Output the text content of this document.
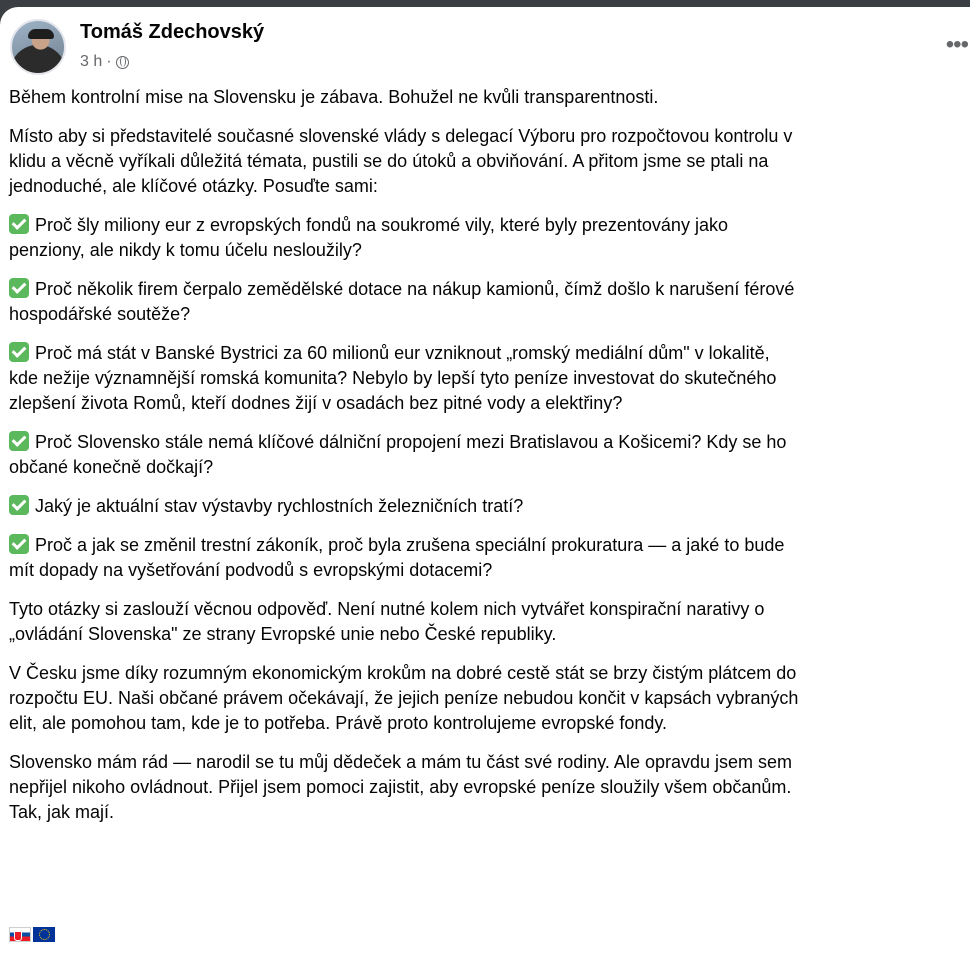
Tomáš Zdechovský
3 h ·
•••

Během kontrolní mise na Slovensku je zábava. Bohužel ne kvůli transparentnosti.

Místo aby si představitelé současné slovenské vlády s delegací Výboru pro rozpočtovou kontrolu v
klidu a věcně vyříkali důležitá témata, pustili se do útoků a obviňování. A přitom jsme se ptali na
jednoduché, ale klíčové otázky. Posuďte sami:

Proč šly miliony eur z evropských fondů na soukromé vily, které byly prezentovány jako
penziony, ale nikdy k tomu účelu nesloužily?

Proč několik firem čerpalo zemědělské dotace na nákup kamionů, čímž došlo k narušení férové
hospodářské soutěže?

Proč má stát v Banské Bystrici za 60 milionů eur vzniknout „romský mediální dům" v lokalitě,
kde nežije významnější romská komunita? Nebylo by lepší tyto peníze investovat do skutečného
zlepšení života Romů, kteří dodnes žijí v osadách bez pitné vody a elektřiny?

Proč Slovensko stále nemá klíčové dálniční propojení mezi Bratislavou a Košicemi? Kdy se ho
občané konečně dočkají?

Jaký je aktuální stav výstavby rychlostních železničních tratí?

Proč a jak se změnil trestní zákoník, proč byla zrušena speciální prokuratura — a jaké to bude
mít dopady na vyšetřování podvodů s evropskými dotacemi?

Tyto otázky si zaslouží věcnou odpověď. Není nutné kolem nich vytvářet konspirační narativy o
„ovládání Slovenska" ze strany Evropské unie nebo České republiky.

V Česku jsme díky rozumným ekonomickým krokům na dobré cestě stát se brzy čistým plátcem do
rozpočtu EU. Naši občané právem očekávají, že jejich peníze nebudou končit v kapsách vybraných
elit, ale pomohou tam, kde je to potřeba. Právě proto kontrolujeme evropské fondy.

Slovensko mám rád — narodil se tu můj dědeček a mám tu část své rodiny. Ale opravdu jsem sem
nepřijel nikoho ovládnout. Přijel jsem pomoci zajistit, aby evropské peníze sloužily všem občanům.
Tak, jak mají.
